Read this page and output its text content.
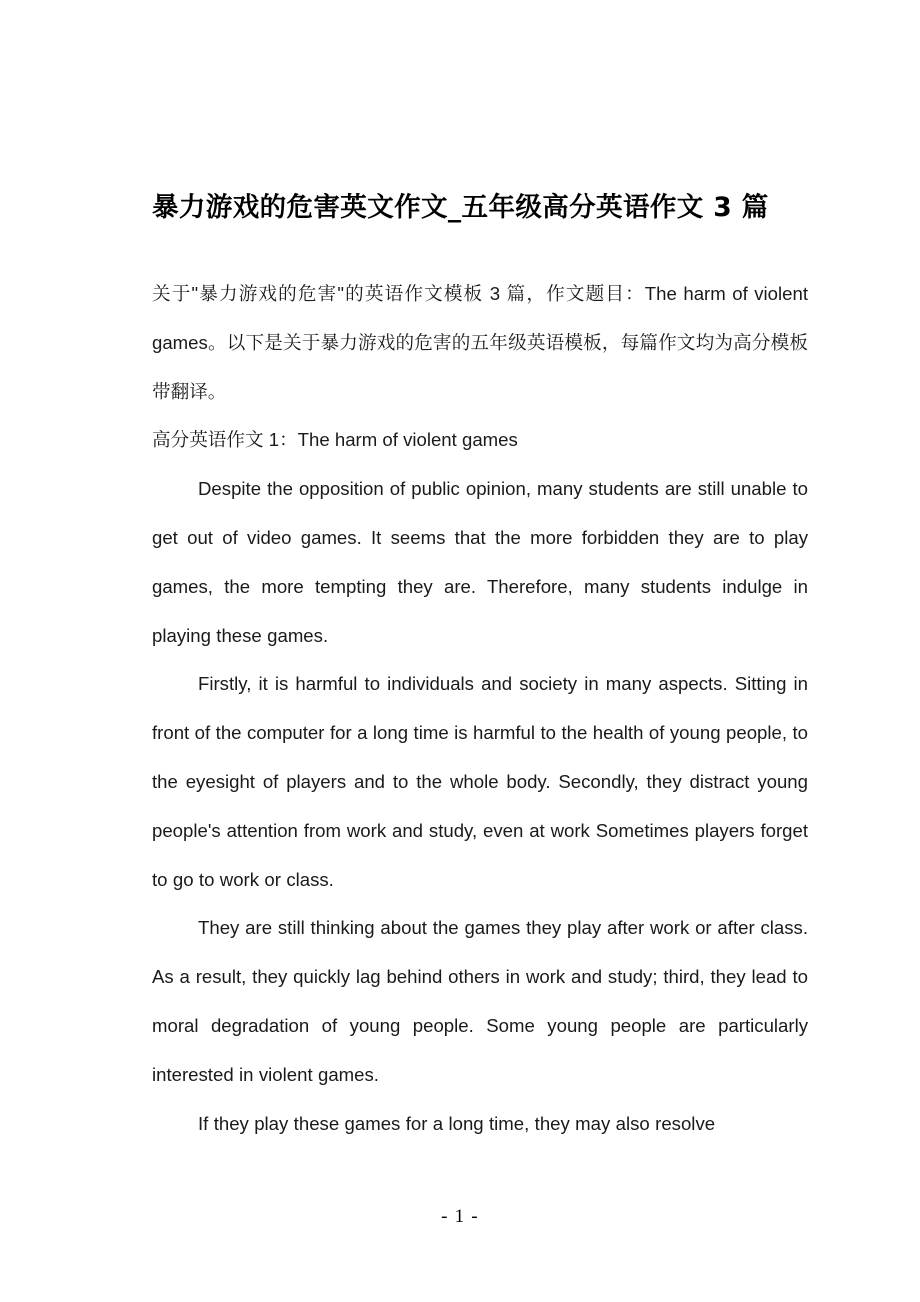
暴力游戏的危害英文作文_五年级高分英语作文 3 篇

关于"暴力游戏的危害"的英语作文模板 3 篇，作文题目：The harm of violent games。以下是关于暴力游戏的危害的五年级英语模板，每篇作文均为高分模板带翻译。

高分英语作文 1：The harm of violent games

Despite the opposition of public opinion, many students are still unable to get out of video games. It seems that the more forbidden they are to play games, the more tempting they are. Therefore, many students indulge in playing these games.

Firstly, it is harmful to individuals and society in many aspects. Sitting in front of the computer for a long time is harmful to the health of young people, to the eyesight of players and to the whole body. Secondly, they distract young people's attention from work and study, even at work Sometimes players forget to go to work or class.

They are still thinking about the games they play after work or after class. As a result, they quickly lag behind others in work and study; third, they lead to moral degradation of young people. Some young people are particularly interested in violent games.

If they play these games for a long time, they may also resolve

- 1 -
